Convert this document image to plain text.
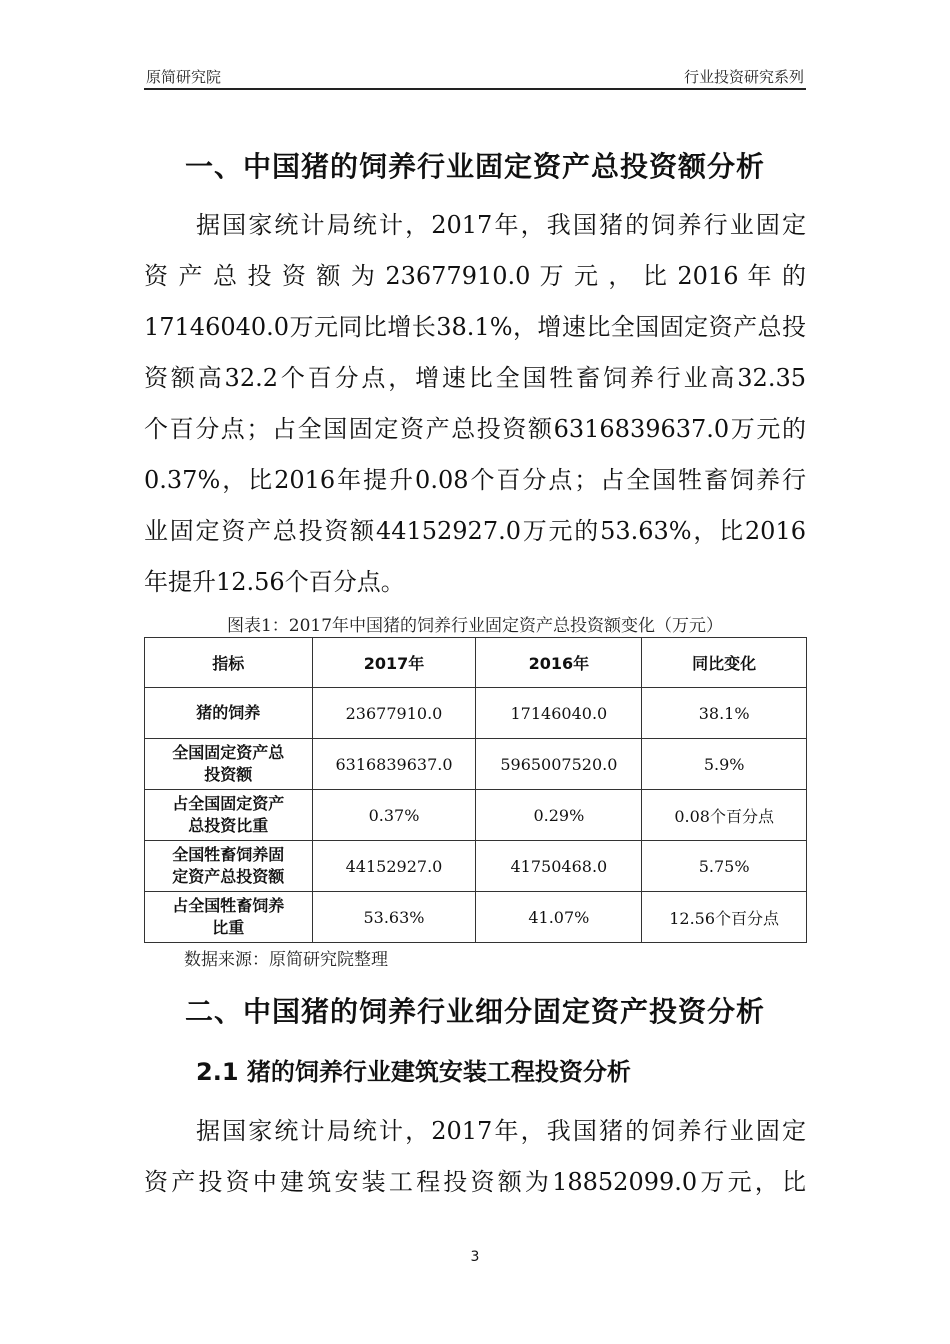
原简研究院	行业投资研究系列
一、中国猪的饲养行业固定资产总投资额分析
据国家统计局统计，2017年，我国猪的饲养行业固定
资 产 总 投 资 额 为 23677910.0 万 元 ， 比 2016 年 的
17146040.0万元同比增长38.1%，增速比全国固定资产总投
资额高32.2个百分点，增速比全国牲畜饲养行业高32.35
个百分点；占全国固定资产总投资额6316839637.0万元的
0.37%，比2016年提升0.08个百分点；占全国牲畜饲养行
业固定资产总投资额44152927.0万元的53.63%，比2016
年提升12.56个百分点。
图表1：2017年中国猪的饲养行业固定资产总投资额变化（万元）
指标	2017年	2016年	同比变化
猪的饲养	23677910.0	17146040.0	38.1%
全国固定资产总
投资额	6316839637.0	5965007520.0	5.9%
占全国固定资产
总投资比重	0.37%	0.29%	0.08个百分点
全国牲畜饲养固
定资产总投资额	44152927.0	41750468.0	5.75%
占全国牲畜饲养
比重	53.63%	41.07%	12.56个百分点
数据来源：原简研究院整理
二、中国猪的饲养行业细分固定资产投资分析
2.1 猪的饲养行业建筑安装工程投资分析
据国家统计局统计，2017年，我国猪的饲养行业固定
资产投资中建筑安装工程投资额为18852099.0万元，比
3
